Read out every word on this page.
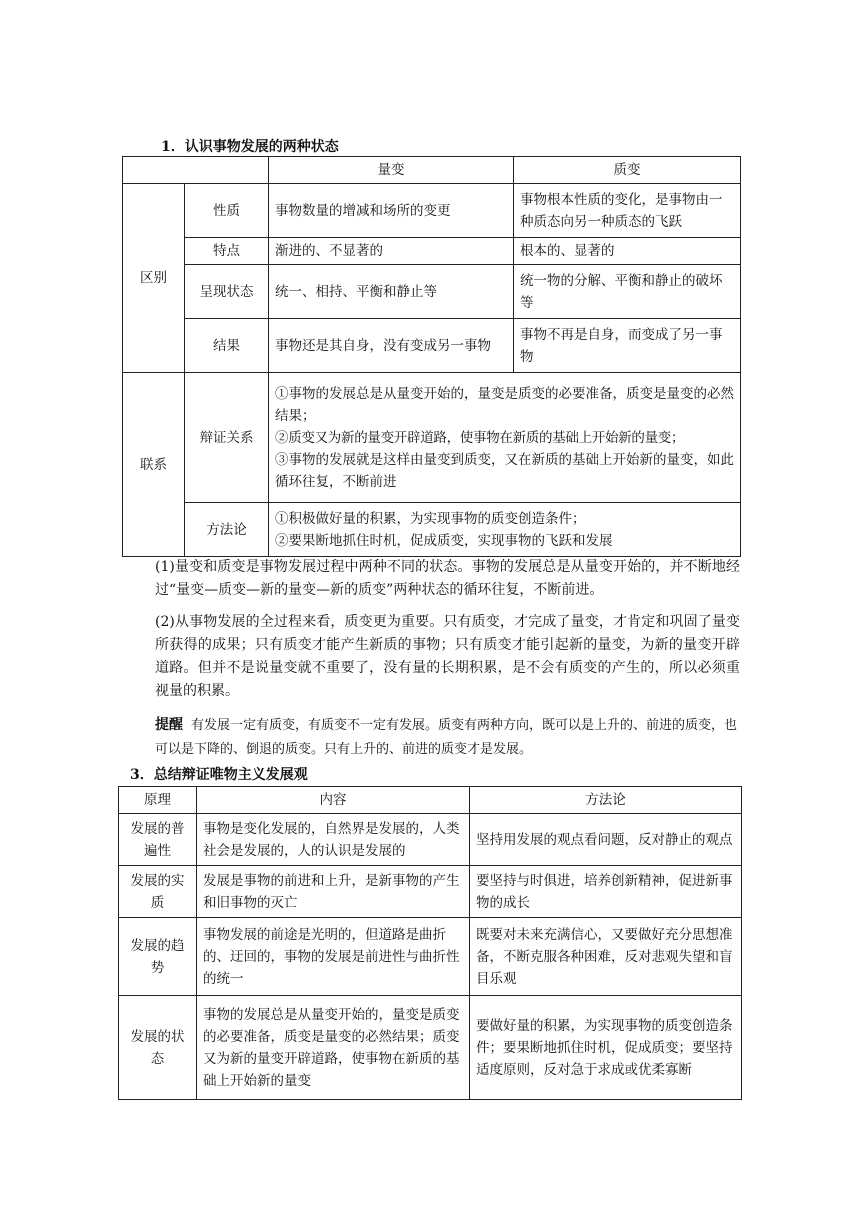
1．认识事物发展的两种状态
		量变	质变
区别	性质	事物数量的增减和场所的变更	事物根本性质的变化，是事物由一种质态向另一种质态的飞跃
	特点	渐进的、不显著的	根本的、显著的
	呈现状态	统一、相持、平衡和静止等	统一物的分解、平衡和静止的破坏等
	结果	事物还是其自身，没有变成另一事物	事物不再是自身，而变成了另一事物
联系	辩证关系	①事物的发展总是从量变开始的，量变是质变的必要准备，质变是量变的必然结果；
②质变又为新的量变开辟道路，使事物在新质的基础上开始新的量变；
③事物的发展就是这样由量变到质变，又在新质的基础上开始新的量变，如此循环往复，不断前进	

	方法论	①积极做好量的积累，为实现事物的质变创造条件；
②要果断地抓住时机，促成质变，实现事物的飞跃和发展	
(1)量变和质变是事物发展过程中两种不同的状态。事物的发展总是从量变开始的，并不断地经过“量变—质变—新的量变—新的质变”两种状态的循环往复，不断前进。
(2)从事物发展的全过程来看，质变更为重要。只有质变，才完成了量变，才肯定和巩固了量变所获得的成果；只有质变才能产生新质的事物；只有质变才能引起新的量变，为新的量变开辟道路。但并不是说量变就不重要了，没有量的长期积累，是不会有质变的产生的，所以必须重视量的积累。
提醒 有发展一定有质变，有质变不一定有发展。质变有两种方向，既可以是上升的、前进的质变，也可以是下降的、倒退的质变。只有上升的、前进的质变才是发展。
3．总结辩证唯物主义发展观
原理	内容	方法论
发展的普遍性	事物是变化发展的，自然界是发展的，人类社会是发展的，人的认识是发展的	坚持用发展的观点看问题，反对静止的观点
发展的实质	发展是事物的前进和上升，是新事物的产生和旧事物的灭亡	要坚持与时俱进，培养创新精神，促进新事物的成长
发展的趋势	事物发展的前途是光明的，但道路是曲折的、迂回的，事物的发展是前进性与曲折性的统一	既要对未来充满信心，又要做好充分思想准备，不断克服各种困难，反对悲观失望和盲目乐观
发展的状态	事物的发展总是从量变开始的，量变是质变的必要准备，质变是量变的必然结果；质变又为新的量变开辟道路，使事物在新质的基础上开始新的量变	要做好量的积累，为实现事物的质变创造条件；要果断地抓住时机，促成质变；要坚持适度原则，反对急于求成或优柔寡断
